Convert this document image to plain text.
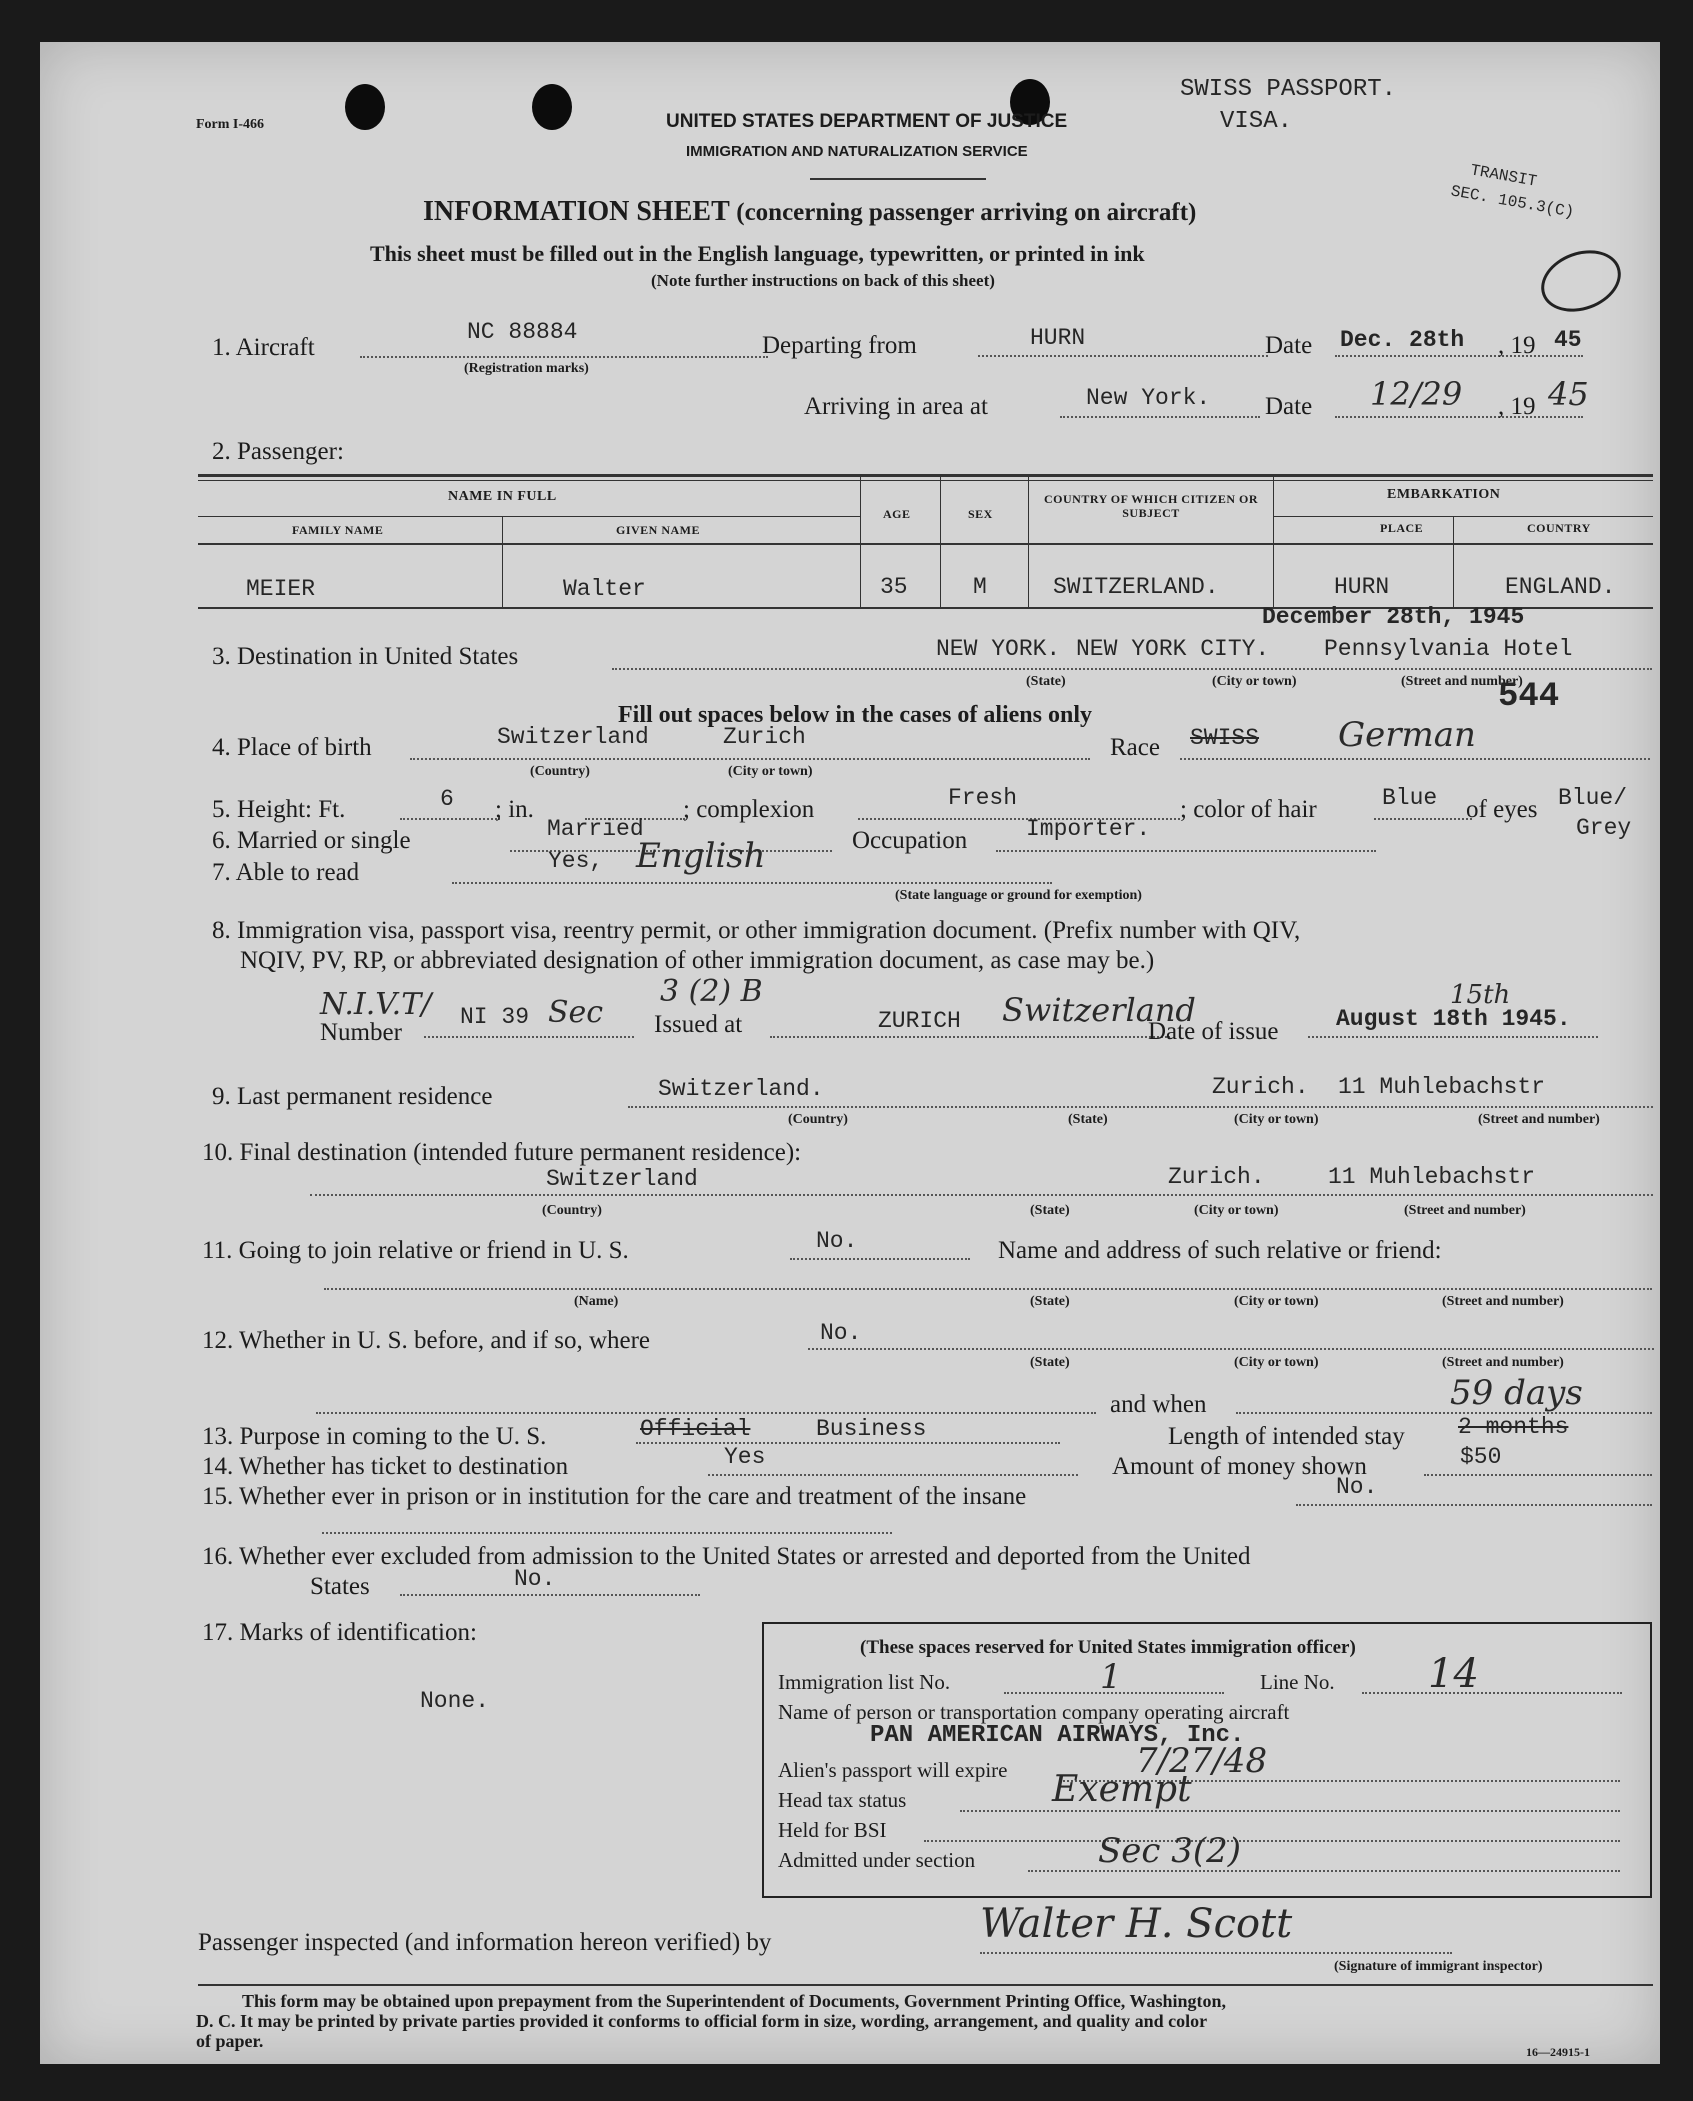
Form I-466	UNITED STATES DEPARTMENT OF JUSTICE
IMMIGRATION AND NATURALIZATION SERVICE
SWISS PASSPORT.
VISA.
TRANSIT
SEC. 105.3(C)
INFORMATION SHEET (concerning passenger arriving on aircraft)
This sheet must be filled out in the English language, typewritten, or printed in ink
(Note further instructions on back of this sheet)
1. Aircraft
NC 88884
(Registration marks)
Departing from	HURN	Date Dec. 28th , 19 45
Arriving in area at	New York. Date 12/29 , 19 45
2. Passenger:
NAME IN FULL	EMBARKATION
FAMILY NAME	GIVEN NAME
AGE	SEX
COUNTRY OF WHICH CITIZEN OR SUBJECT
PLACE	COUNTRY
MEIER	Walter	35	M	SWITZERLAND.	HURN	ENGLAND.
3. Destination in United States
December 28th, 1945
NEW YORK. NEW YORK CITY. Pennsylvania Hotel
(State)	(City or town)	(Street and number)
544
Fill out spaces below in the cases of aliens only
4. Place of birth	Switzerland	Zurich
(Country)	(City or town)
Race SWISS German
5. Height: Ft.	6 ; in.	; complexion	Fresh	; color of hair	Blue of eyes Blue/
Grey
6. Married or single	Married	Occupation	Importer.
7. Able to read	Yes, English
(State language or ground for exemption)
8. Immigration visa, passport visa, reentry permit, or other immigration document. (Prefix number with QIV,
NQIV, PV, RP, or abbreviated designation of other immigration document, as case may be.)
N.I.V.T/	3 (2) B
Number
NI 39 Sec Issued at	ZURICH Switzerland
Date of issue August 18th 1945.
15th
9. Last permanent residence	Switzerland.	Zurich. 11 Muhlebachstr
(Country)	(State)	(City or town)	(Street and number)
10. Final destination (intended future permanent residence):
Switzerland	Zurich.	11 Muhlebachstr
(Country)	(State)	(City or town)	(Street and number)
11. Going to join relative or friend in U. S.	No.	Name and address of such relative or friend:
(Name)	(State)	(City or town)	(Street and number)
12. Whether in U. S. before, and if so, where	No.
(State)	(City or town)	(Street and number)
and when
13. Purpose in coming to the U. S.	Official	Business	Length of intended stay 2 months
59 days
14. Whether has ticket to destination	Yes	Amount of money shown	$50
15. Whether ever in prison or in institution for the care and treatment of the insane	No.
16. Whether ever excluded from admission to the United States or arrested and deported from the United
States	No.
17. Marks of identification:
None.
(These spaces reserved for United States immigration officer)
Immigration list No.	1	Line No. 14
Name of person or transportation company operating aircraft
PAN AMERICAN AIRWAYS, Inc.
Alien's passport will expire	7/27/48
Head tax status	Exempt
Held for BSI
Admitted under section	Sec 3(2)
Passenger inspected (and information hereon verified) by	Walter H. Scott
(Signature of immigrant inspector)
This form may be obtained upon prepayment from the Superintendent of Documents, Government Printing Office, Washington,
D. C. It may be printed by private parties provided it conforms to official form in size, wording, arrangement, and quality and color
of paper.
16—24915-1
